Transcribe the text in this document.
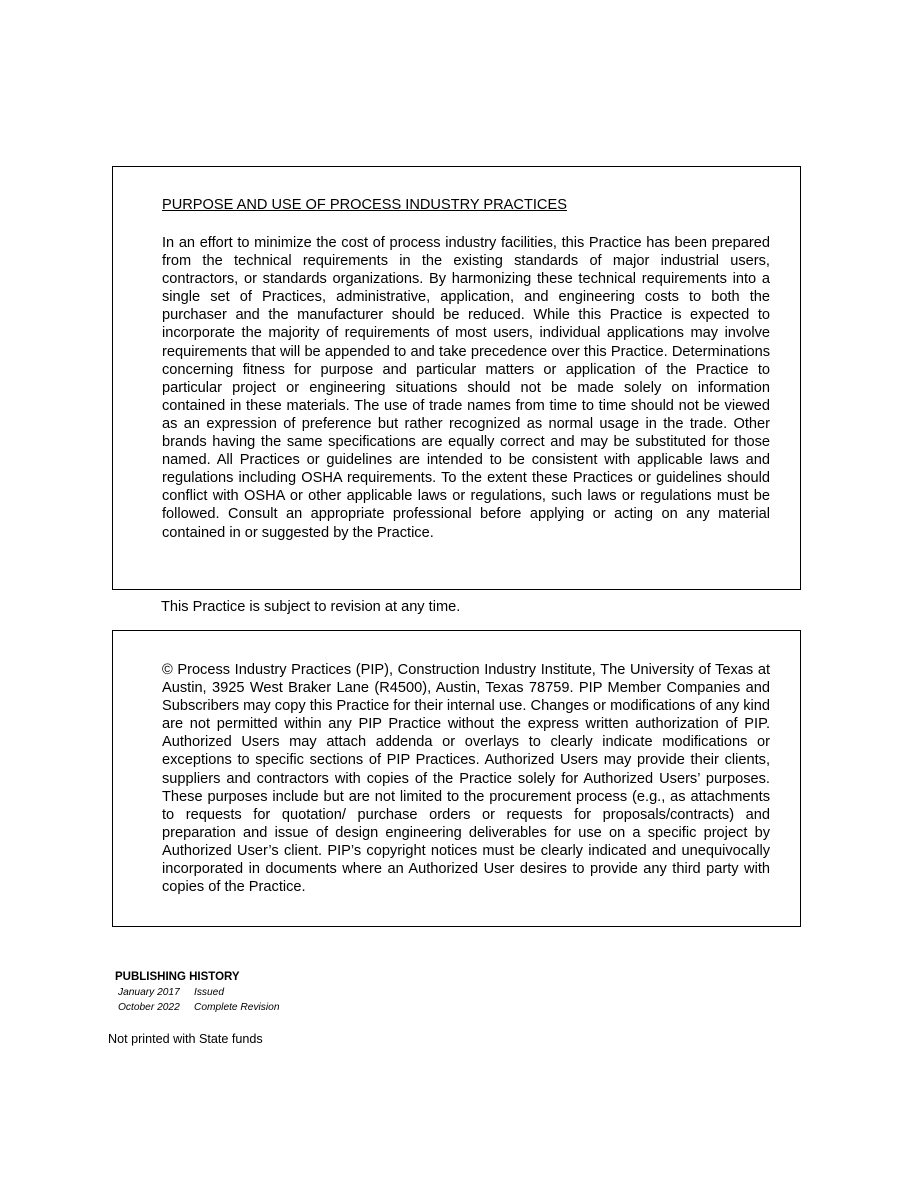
PURPOSE AND USE OF PROCESS INDUSTRY PRACTICES

In an effort to minimize the cost of process industry facilities, this Practice has been prepared from the technical requirements in the existing standards of major industrial users, contractors, or standards organizations. By harmonizing these technical requirements into a single set of Practices, administrative, application, and engineering costs to both the purchaser and the manufacturer should be reduced. While this Practice is expected to incorporate the majority of requirements of most users, individual applications may involve requirements that will be appended to and take precedence over this Practice. Determinations concerning fitness for purpose and particular matters or application of the Practice to particular project or engineering situations should not be made solely on information contained in these materials. The use of trade names from time to time should not be viewed as an expression of preference but rather recognized as normal usage in the trade. Other brands having the same specifications are equally correct and may be substituted for those named. All Practices or guidelines are intended to be consistent with applicable laws and regulations including OSHA requirements. To the extent these Practices or guidelines should conflict with OSHA or other applicable laws or regulations, such laws or regulations must be followed. Consult an appropriate professional before applying or acting on any material contained in or suggested by the Practice.

This Practice is subject to revision at any time.

© Process Industry Practices (PIP), Construction Industry Institute, The University of Texas at Austin, 3925 West Braker Lane (R4500), Austin, Texas 78759. PIP Member Companies and Subscribers may copy this Practice for their internal use. Changes or modifications of any kind are not permitted within any PIP Practice without the express written authorization of PIP. Authorized Users may attach addenda or overlays to clearly indicate modifications or exceptions to specific sections of PIP Practices. Authorized Users may provide their clients, suppliers and contractors with copies of the Practice solely for Authorized Users’ purposes. These purposes include but are not limited to the procurement process (e.g., as attachments to requests for quotation/ purchase orders or requests for proposals/contracts) and preparation and issue of design engineering deliverables for use on a specific project by Authorized User’s client. PIP’s copyright notices must be clearly indicated and unequivocally incorporated in documents where an Authorized User desires to provide any third party with copies of the Practice.

PUBLISHING HISTORY

January 2017	Issued
October 2022	Complete Revision

Not printed with State funds
